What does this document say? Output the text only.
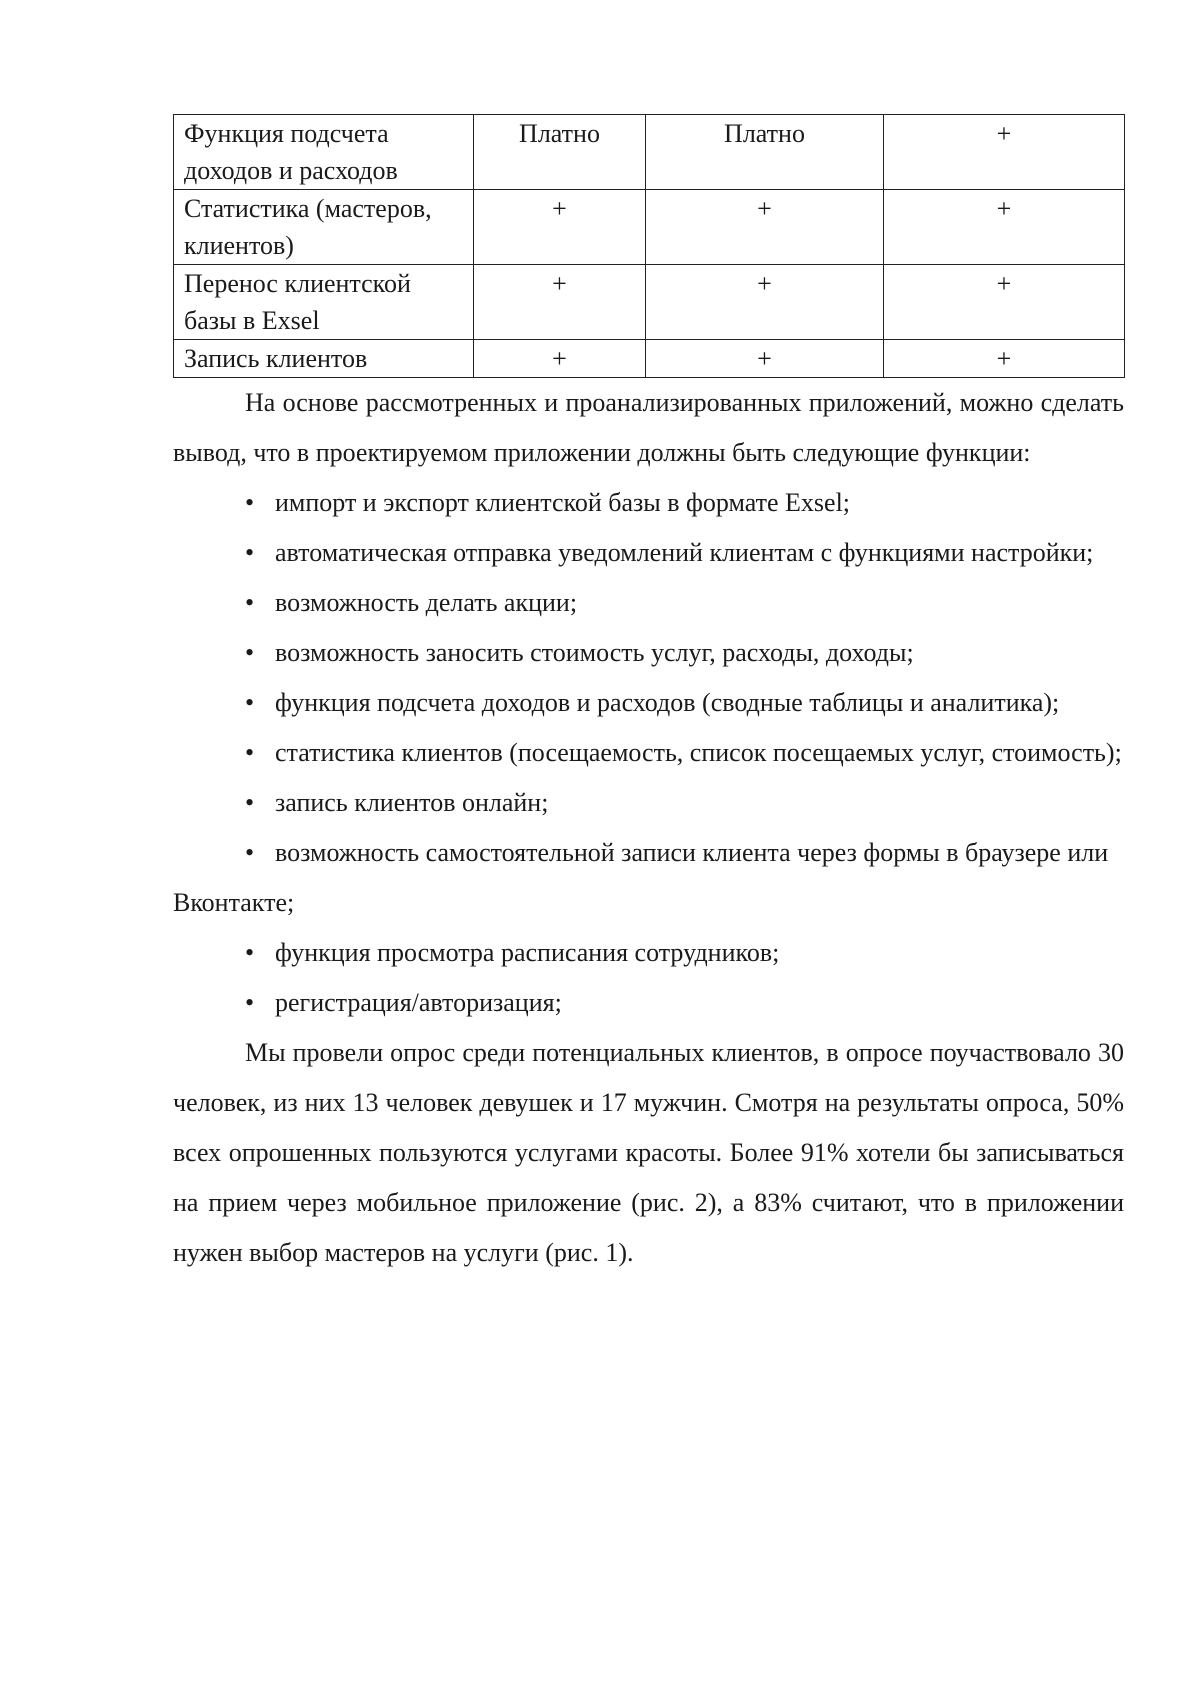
Функция подсчета доходов и расходов	Платно	Платно	+
Статистика (мастеров, клиентов)	+	+	+
Перенос клиентской базы в Exsel	+	+	+
Запись клиентов	+	+	+

На основе рассмотренных и проанализированных приложений, можно сделать вывод, что в проектируемом приложении должны быть следующие функции:

• импорт и экспорт клиентской базы в формате Exsel;

• автоматическая отправка уведомлений клиентам с функциями настройки;

• возможность делать акции;

• возможность заносить стоимость услуг, расходы, доходы;

• функция подсчета доходов и расходов (сводные таблицы и аналитика);

• статистика клиентов (посещаемость, список посещаемых услуг, стоимость);

• запись клиентов онлайн;

• возможность самостоятельной записи клиента через формы в браузере или Вконтакте;

• функция просмотра расписания сотрудников;

• регистрация/авторизация;

Мы провели опрос среди потенциальных клиентов, в опросе поучаствовало 30 человек, из них 13 человек девушек и 17 мужчин. Смотря на результаты опроса, 50% всех опрошенных пользуются услугами красоты. Более 91% хотели бы записываться на прием через мобильное приложение (рис. 2), а 83% считают, что в приложении нужен выбор мастеров на услуги (рис. 1).
